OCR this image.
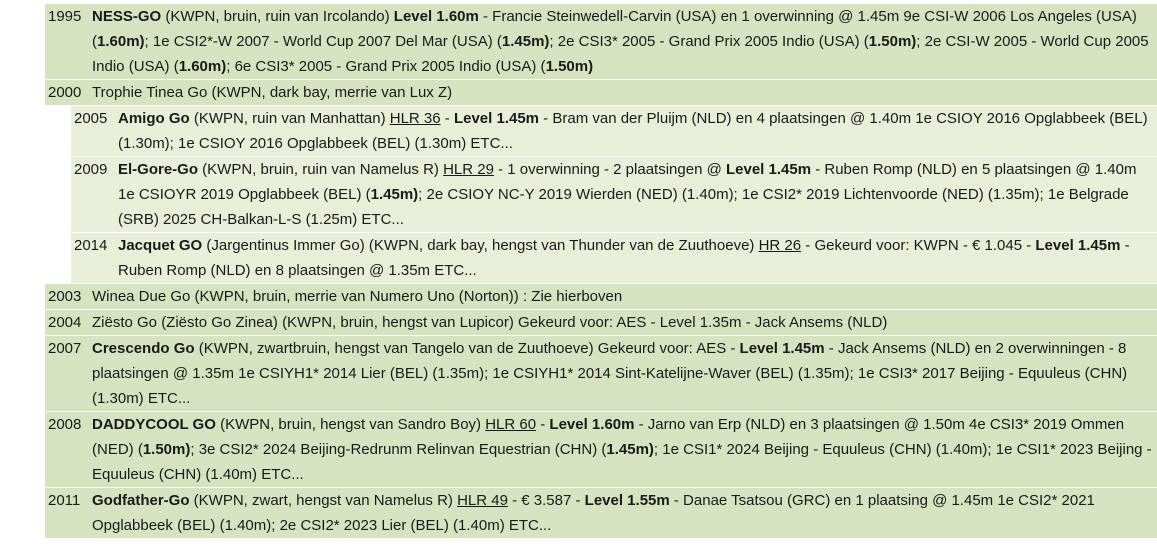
1995 NESS-GO (KWPN, bruin, ruin van Ircolando) Level 1.60m - Francie Steinwedell-Carvin (USA) en 1 overwinning @ 1.45m 9e CSI-W 2006 Los Angeles (USA) (1.60m); 1e CSI2*-W 2007 - World Cup 2007 Del Mar (USA) (1.45m); 2e CSI3* 2005 - Grand Prix 2005 Indio (USA) (1.50m); 2e CSI-W 2005 - World Cup 2005 Indio (USA) (1.60m); 6e CSI3* 2005 - Grand Prix 2005 Indio (USA) (1.50m)
2000 Trophie Tinea Go (KWPN, dark bay, merrie van Lux Z)
2005 Amigo Go (KWPN, ruin van Manhattan) HLR 36 - Level 1.45m - Bram van der Pluijm (NLD) en 4 plaatsingen @ 1.40m 1e CSIOY 2016 Opglabbeek (BEL) (1.30m); 1e CSIOY 2016 Opglabbeek (BEL) (1.30m) ETC...
2009 El-Gore-Go (KWPN, bruin, ruin van Namelus R) HLR 29 - 1 overwinning - 2 plaatsingen @ Level 1.45m - Ruben Romp (NLD) en 5 plaatsingen @ 1.40m 1e CSIOYR 2019 Opglabbeek (BEL) (1.45m); 2e CSIOY NC-Y 2019 Wierden (NED) (1.40m); 1e CSI2* 2019 Lichtenvoorde (NED) (1.35m); 1e Belgrade (SRB) 2025 CH-Balkan-L-S (1.25m) ETC...
2014 Jacquet GO (Jargentinus Immer Go) (KWPN, dark bay, hengst van Thunder van de Zuuthoeve) HR 26 - Gekeurd voor: KWPN - € 1.045 - Level 1.45m - Ruben Romp (NLD) en 8 plaatsingen @ 1.35m ETC...
2003 Winea Due Go (KWPN, bruin, merrie van Numero Uno (Norton)) : Zie hierboven
2004 Ziësto Go (Ziësto Go Zinea) (KWPN, bruin, hengst van Lupicor) Gekeurd voor: AES - Level 1.35m - Jack Ansems (NLD)
2007 Crescendo Go (KWPN, zwartbruin, hengst van Tangelo van de Zuuthoeve) Gekeurd voor: AES - Level 1.45m - Jack Ansems (NLD) en 2 overwinningen - 8 plaatsingen @ 1.35m 1e CSIYH1* 2014 Lier (BEL) (1.35m); 1e CSIYH1* 2014 Sint-Katelijne-Waver (BEL) (1.35m); 1e CSI3* 2017 Beijing - Equuleus (CHN) (1.30m) ETC...
2008 DADDYCOOL GO (KWPN, bruin, hengst van Sandro Boy) HLR 60 - Level 1.60m - Jarno van Erp (NLD) en 3 plaatsingen @ 1.50m 4e CSI3* 2019 Ommen (NED) (1.50m); 3e CSI2* 2024 Beijing-Redrunm Relinvan Equestrian (CHN) (1.45m); 1e CSI1* 2024 Beijing - Equuleus (CHN) (1.40m); 1e CSI1* 2023 Beijing - Equuleus (CHN) (1.40m) ETC...
2011 Godfather-Go (KWPN, zwart, hengst van Namelus R) HLR 49 - € 3.587 - Level 1.55m - Danae Tsatsou (GRC) en 1 plaatsing @ 1.45m 1e CSI2* 2021 Opglabbeek (BEL) (1.40m); 2e CSI2* 2023 Lier (BEL) (1.40m) ETC...
